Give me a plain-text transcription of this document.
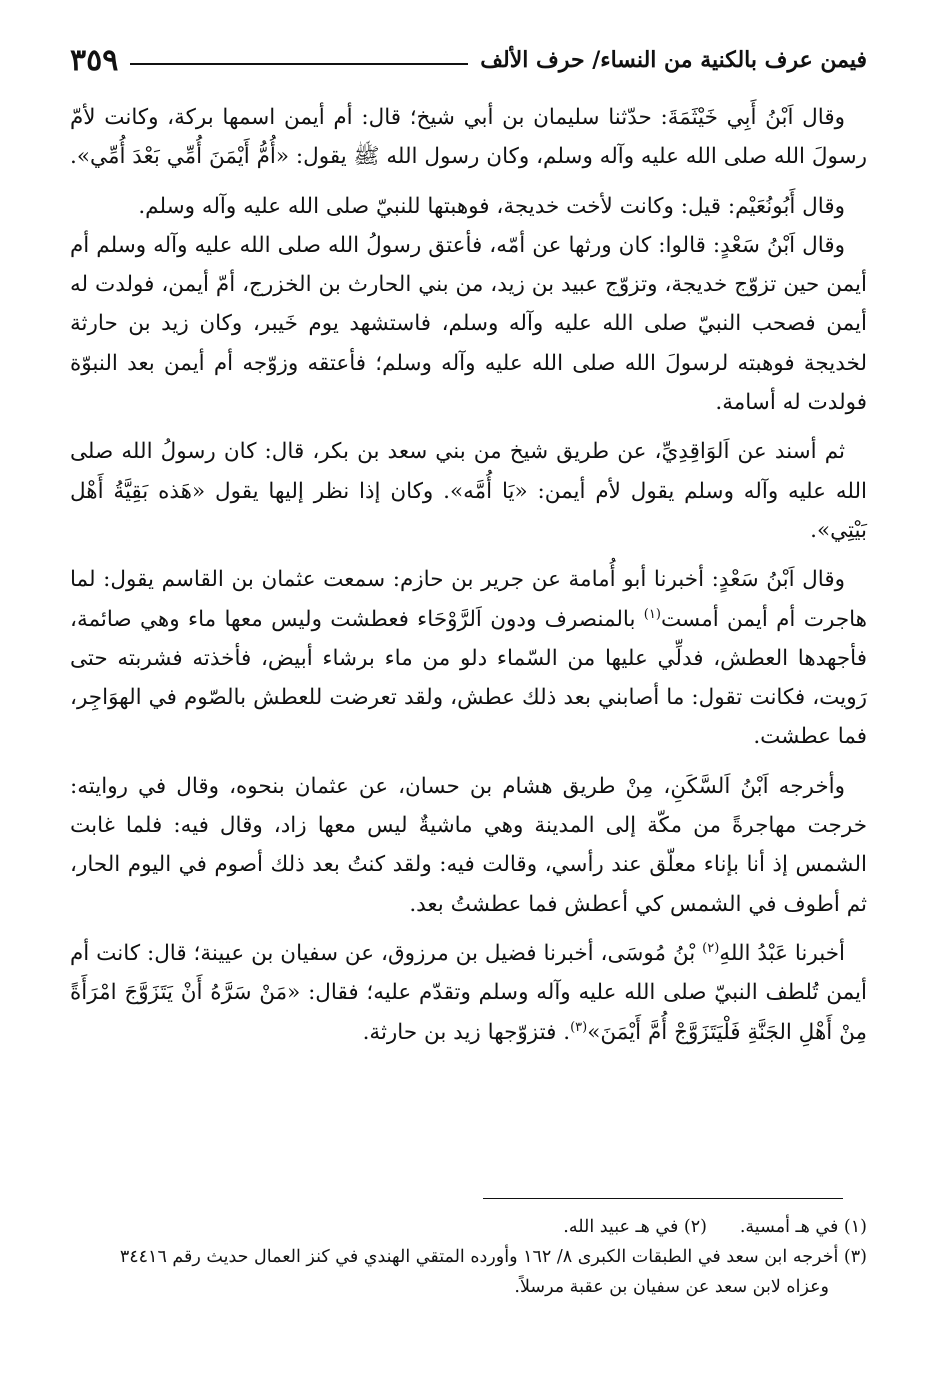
فيمن عرف بالكنية من النساء/ حرف الألف
٣٥٩

وقال اَبْنُ أَبِي خَيْثَمَةَ: حدّثنا سليمان بن أبي شيخ؛ قال: أم أيمن اسمها بركة، وكانت لأمّ رسولَ الله صلى الله عليه وآله وسلم، وكان رسول الله ﷺ يقول: «أُمُّ أَيْمَنَ أُمِّي بَعْدَ أُمِّي».

وقال أَبُونُعَيْم: قيل: وكانت لأخت خديجة، فوهبتها للنبيّ صلى الله عليه وآله وسلم.

وقال اَبْنُ سَعْدٍ: قالوا: كان ورثها عن أمّه، فأعتق رسولُ الله صلى الله عليه وآله وسلم أم أيمن حين تزوّج خديجة، وتزوّج عبيد بن زيد، من بني الحارث بن الخزرج، أمّ أيمن، فولدت له أيمن فصحب النبيّ صلى الله عليه وآله وسلم، فاستشهد يوم خَيبر، وكان زيد بن حارثة لخديجة فوهبته لرسولَ الله صلى الله عليه وآله وسلم؛ فأعتقه وزوّجه أم أيمن بعد النبوّة فولدت له أسامة.

ثم أسند عن اَلوَاقِدِيِّ، عن طريق شيخ من بني سعد بن بكر، قال: كان رسولُ الله صلى الله عليه وآله وسلم يقول لأم أيمن: «يَا أُمَّه». وكان إذا نظر إليها يقول «هَذه بَقِيَّةُ أَهْل بَيْتِي».

وقال اَبْنُ سَعْدٍ: أخبرنا أبو أُمامة عن جرير بن حازم: سمعت عثمان بن القاسم يقول: لما هاجرت أم أيمن أمست$^{(١)}$ بالمنصرف ودون اَلرَّوْحَاء فعطشت وليس معها ماء وهي صائمة، فأجهدها العطش، فدلِّي عليها من السّماء دلو من ماء برشاء أبيض، فأخذته فشربته حتى رَويت، فكانت تقول: ما أصابني بعد ذلك عطش، ولقد تعرضت للعطش بالصّوم في الهوَاجِر، فما عطشت.

وأخرجه اَبْنُ اَلسَّكَنِ، مِنْ طريق هشام بن حسان، عن عثمان بنحوه، وقال في روايته: خرجت مهاجرةً من مكّة إلى المدينة وهي ماشيةٌ ليس معها زاد، وقال فيه: فلما غابت الشمس إذ أنا بإناء معلّق عند رأسي، وقالت فيه: ولقد كنتُ بعد ذلك أصوم في اليوم الحار، ثم أطوف في الشمس كي أعطش فما عطشتُ بعد.

أخبرنا عَبْدُ اللهِ$^{(٢)}$ بْنُ مُوسَى، أخبرنا فضيل بن مرزوق، عن سفيان بن عيينة؛ قال: كانت أم أيمن تُلطف النبيّ صلى الله عليه وآله وسلم وتقدّم عليه؛ فقال: «مَنْ سَرَّهُ أَنْ يَتَزَوَّجَ امْرَأَةً مِنْ أَهْلِ الجَنَّةِ فَلْيَتَزَوَّجْ أُمَّ أَيْمَنَ»$^{(٣)}$. فتزوّجها زيد بن حارثة.

(١) في هـ أمسية.
(٢) في هـ عبيد الله.

(٣) أخرجه ابن سعد في الطبقات الكبرى ٨/ ١٦٢ وأورده المتقي الهندي في كنز العمال حديث رقم ٣٤٤١٦
وعزاه لابن سعد عن سفيان بن عقبة مرسلاً.
